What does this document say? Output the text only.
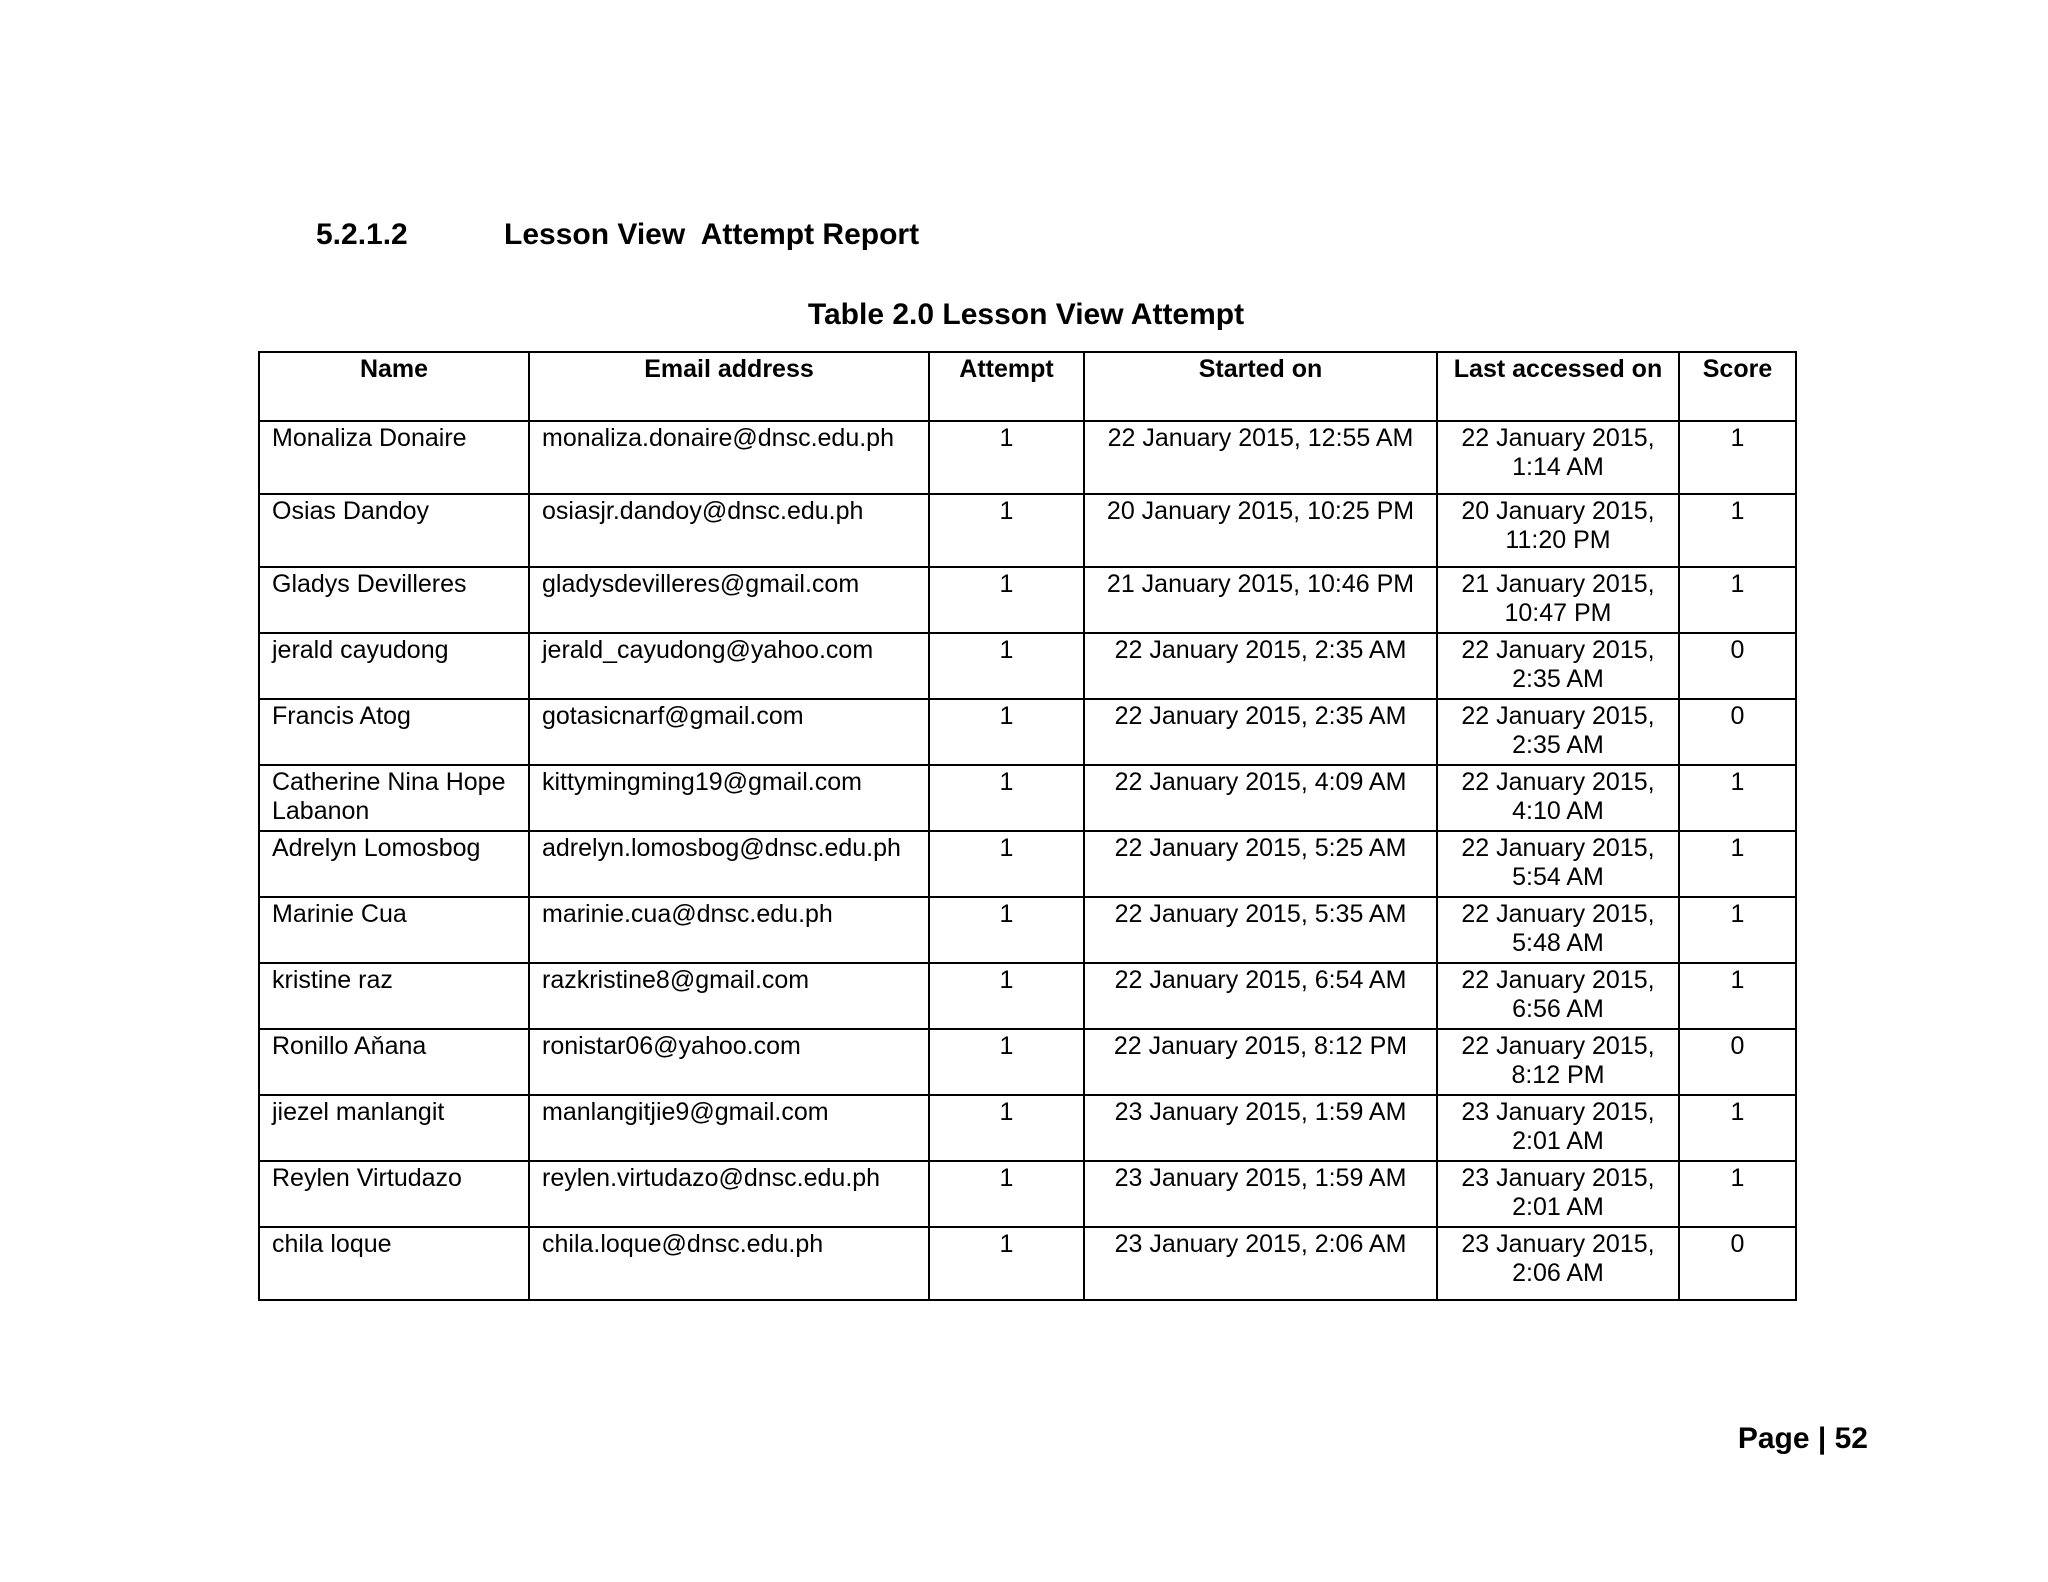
5.2.1.2	Lesson View  Attempt Report
Table 2.0 Lesson View Attempt
Name	Email address	Attempt	Started on	Last accessed on	Score
Monaliza Donaire	monaliza.donaire@dnsc.edu.ph	1	22 January 2015, 12:55 AM	22 January 2015,
1:14 AM	1
Osias Dandoy	osiasjr.dandoy@dnsc.edu.ph	1	20 January 2015, 10:25 PM	20 January 2015,
11:20 PM	1
Gladys Devilleres	gladysdevilleres@gmail.com	1	21 January 2015, 10:46 PM	21 January 2015,
10:47 PM	1
jerald cayudong	jerald_cayudong@yahoo.com	1	22 January 2015, 2:35 AM	22 January 2015,
2:35 AM	0
Francis Atog	gotasicnarf@gmail.com	1	22 January 2015, 2:35 AM	22 January 2015,
2:35 AM	0
Catherine Nina Hope Labanon	kittymingming19@gmail.com	1	22 January 2015, 4:09 AM	22 January 2015,
4:10 AM	1
Adrelyn Lomosbog	adrelyn.lomosbog@dnsc.edu.ph	1	22 January 2015, 5:25 AM	22 January 2015,
5:54 AM	1
Marinie Cua	marinie.cua@dnsc.edu.ph	1	22 January 2015, 5:35 AM	22 January 2015,
5:48 AM	1
kristine raz	razkristine8@gmail.com	1	22 January 2015, 6:54 AM	22 January 2015,
6:56 AM	1
Ronillo Aňana	ronistar06@yahoo.com	1	22 January 2015, 8:12 PM	22 January 2015,
8:12 PM	0
jiezel manlangit	manlangitjie9@gmail.com	1	23 January 2015, 1:59 AM	23 January 2015,
2:01 AM	1
Reylen Virtudazo	reylen.virtudazo@dnsc.edu.ph	1	23 January 2015, 1:59 AM	23 January 2015,
2:01 AM	1
chila loque	chila.loque@dnsc.edu.ph	1	23 January 2015, 2:06 AM	23 January 2015,
2:06 AM	0
Page | 52
